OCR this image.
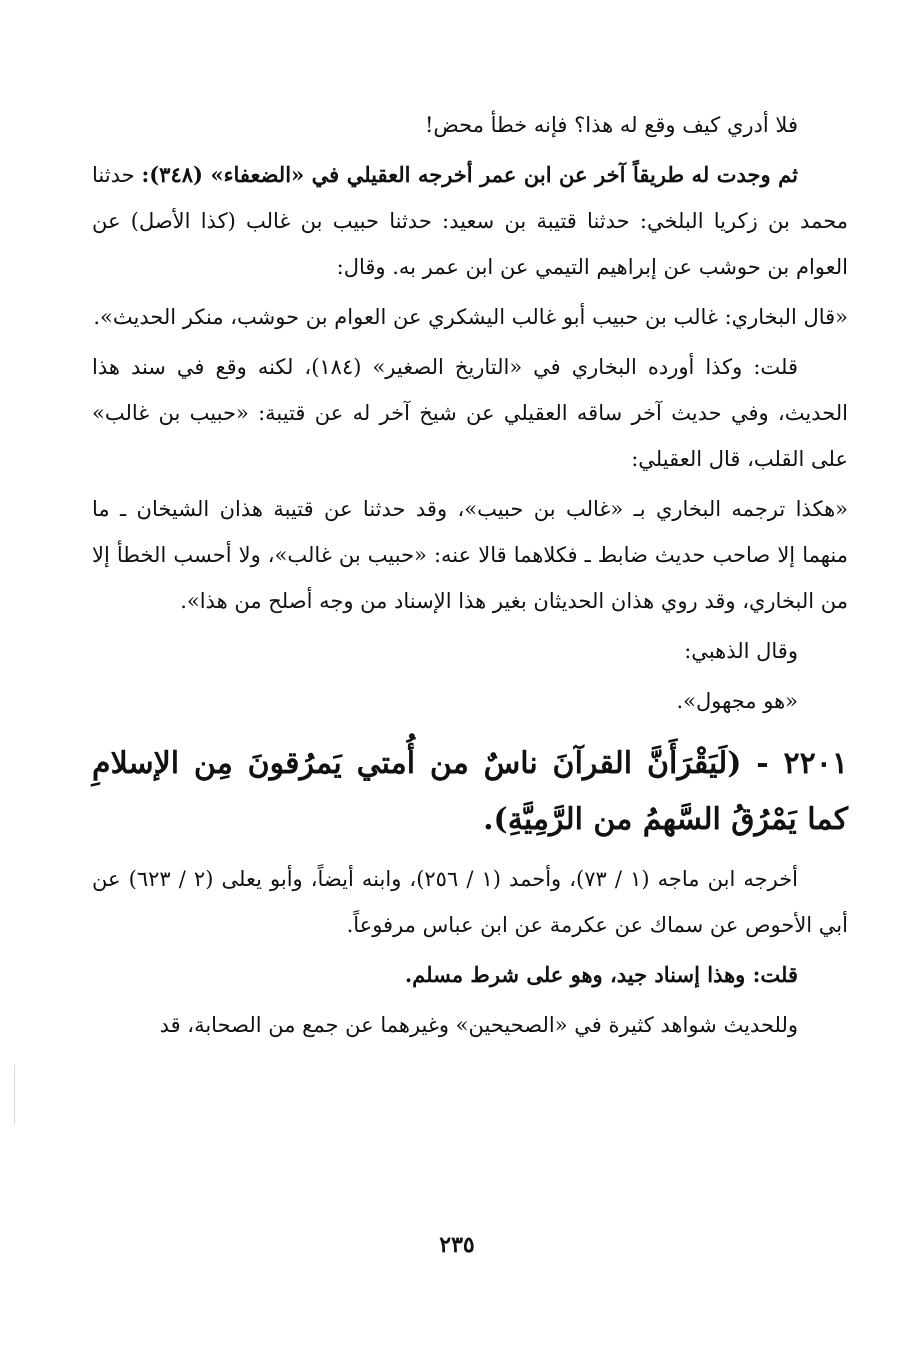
فلا أدري كيف وقع له هذا؟ فإنه خطأ محض!

ثم وجدت له طريقاً آخر عن ابن عمر أخرجه العقيلي في «الضعفاء» (٣٤٨): حدثنا محمد بن زكريا البلخي: حدثنا قتيبة بن سعيد: حدثنا حبيب بن غالب (كذا الأصل) عن العوام بن حوشب عن إبراهيم التيمي عن ابن عمر به. وقال:

«قال البخاري: غالب بن حبيب أبو غالب اليشكري عن العوام بن حوشب، منكر الحديث».

قلت: وكذا أورده البخاري في «التاريخ الصغير» (١٨٤)، لكنه وقع في سند هذا الحديث، وفي حديث آخر ساقه العقيلي عن شيخ آخر له عن قتيبة: «حبيب بن غالب» على القلب، قال العقيلي:

«هكذا ترجمه البخاري بـ «غالب بن حبيب»، وقد حدثنا عن قتيبة هذان الشيخان ـ ما منهما إلا صاحب حديث ضابط ـ فكلاهما قالا عنه: «حبيب بن غالب»، ولا أحسب الخطأ إلا من البخاري، وقد روي هذان الحديثان بغير هذا الإسناد من وجه أصلح من هذا».

وقال الذهبي:

«هو مجهول».

٢٢٠١ - (لَيَقْرَأَنَّ القرآنَ ناسٌ من أُمتي يَمرُقونَ مِن الإسلامِ كما يَمْرُقُ السَّهمُ من الرَّمِيَّةِ).

أخرجه ابن ماجه (١ / ٧٣)، وأحمد (١ / ٢٥٦)، وابنه أيضاً، وأبو يعلى (٢ / ٦٢٣) عن أبي الأحوص عن سماك عن عكرمة عن ابن عباس مرفوعاً.

قلت: وهذا إسناد جيد، وهو على شرط مسلم.

وللحديث شواهد كثيرة في «الصحيحين» وغيرهما عن جمع من الصحابة، قد

٢٣٥
